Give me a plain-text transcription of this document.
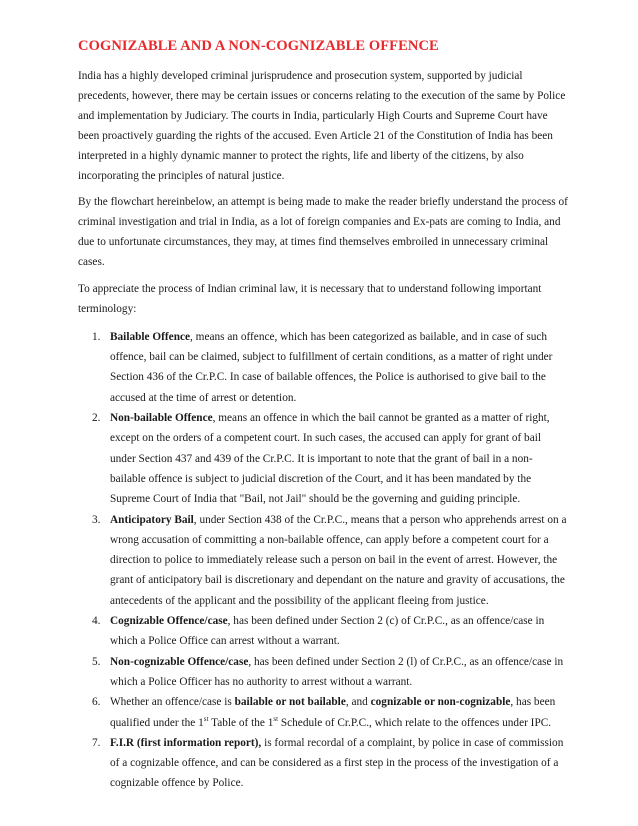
COGNIZABLE AND A NON-COGNIZABLE OFFENCE

India has a highly developed criminal jurisprudence and prosecution system, supported by judicial precedents, however, there may be certain issues or concerns relating to the execution of the same by Police and implementation by Judiciary. The courts in India, particularly High Courts and Supreme Court have been proactively guarding the rights of the accused. Even Article 21 of the Constitution of India has been interpreted in a highly dynamic manner to protect the rights, life and liberty of the citizens, by also incorporating the principles of natural justice.

By the flowchart hereinbelow, an attempt is being made to make the reader briefly understand the process of criminal investigation and trial in India, as a lot of foreign companies and Ex-pats are coming to India, and due to unfortunate circumstances, they may, at times find themselves embroiled in unnecessary criminal cases.

To appreciate the process of Indian criminal law, it is necessary that to understand following important terminology:

1. Bailable Offence, means an offence, which has been categorized as bailable, and in case of such offence, bail can be claimed, subject to fulfillment of certain conditions, as a matter of right under Section 436 of the Cr.P.C. In case of bailable offences, the Police is authorised to give bail to the accused at the time of arrest or detention.
2. Non-bailable Offence, means an offence in which the bail cannot be granted as a matter of right, except on the orders of a competent court. In such cases, the accused can apply for grant of bail under Section 437 and 439 of the Cr.P.C. It is important to note that the grant of bail in a non-bailable offence is subject to judicial discretion of the Court, and it has been mandated by the Supreme Court of India that "Bail, not Jail" should be the governing and guiding principle.
3. Anticipatory Bail, under Section 438 of the Cr.P.C., means that a person who apprehends arrest on a wrong accusation of committing a non-bailable offence, can apply before a competent court for a direction to police to immediately release such a person on bail in the event of arrest. However, the grant of anticipatory bail is discretionary and dependant on the nature and gravity of accusations, the antecedents of the applicant and the possibility of the applicant fleeing from justice.
4. Cognizable Offence/case, has been defined under Section 2 (c) of Cr.P.C., as an offence/case in which a Police Office can arrest without a warrant.
5. Non-cognizable Offence/case, has been defined under Section 2 (l) of Cr.P.C., as an offence/case in which a Police Officer has no authority to arrest without a warrant.
6. Whether an offence/case is bailable or not bailable, and cognizable or non-cognizable, has been qualified under the 1st Table of the 1st Schedule of Cr.P.C., which relate to the offences under IPC.
7. F.I.R (first information report), is formal recordal of a complaint, by police in case of commission of a cognizable offence, and can be considered as a first step in the process of the investigation of a cognizable offence by Police.
